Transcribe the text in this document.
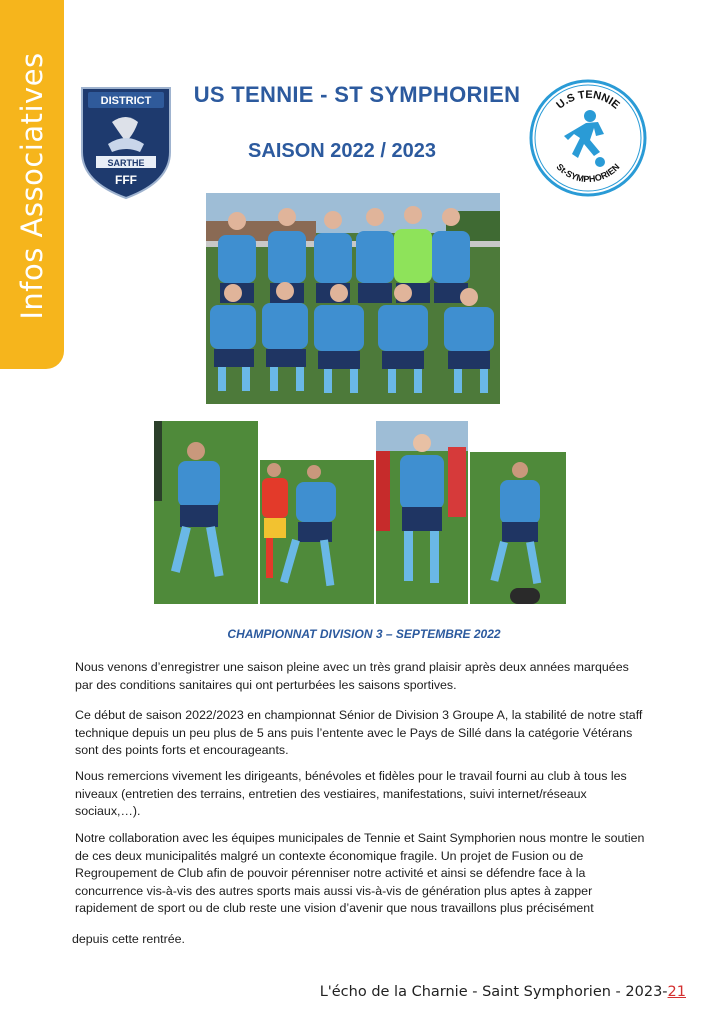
Infos Associatives	DISTRICT
SARTHE
FFF
US TENNIE - ST SYMPHORIEN
SAISON 2022 / 2023
U.S TENNIE
St-SYMPHORIEN
CHAMPIONNAT DIVISION 3 – SEPTEMBRE 2022

Nous venons d’enregistrer une saison pleine avec un très grand plaisir après deux années marquées par des conditions sanitaires qui ont perturbées les saisons sportives.

Ce début de saison 2022/2023 en championnat Sénior de Division 3 Groupe A, la stabilité de notre staff technique depuis un peu plus de 5 ans puis l’entente avec le Pays de Sillé dans la catégorie Vétérans sont des points forts et encourageants.

Nous remercions vivement les dirigeants, bénévoles et fidèles pour le travail fourni au club à tous les niveaux (entretien des terrains, entretien des vestiaires, manifestations, suivi internet/réseaux sociaux,…).

Notre collaboration avec les équipes municipales de Tennie et Saint Symphorien nous montre le soutien de ces deux municipalités malgré un contexte économique fragile. Un projet de Fusion ou de Regroupement de Club afin de pouvoir pérenniser notre activité et ainsi se défendre face à la concurrence vis-à-vis des autres sports mais aussi vis-à-vis de génération plus aptes à zapper rapidement de sport ou de club reste une vision d’avenir que nous travaillons plus précisément

depuis cette rentrée.

L'écho de la Charnie - Saint Symphorien - 2023-21
